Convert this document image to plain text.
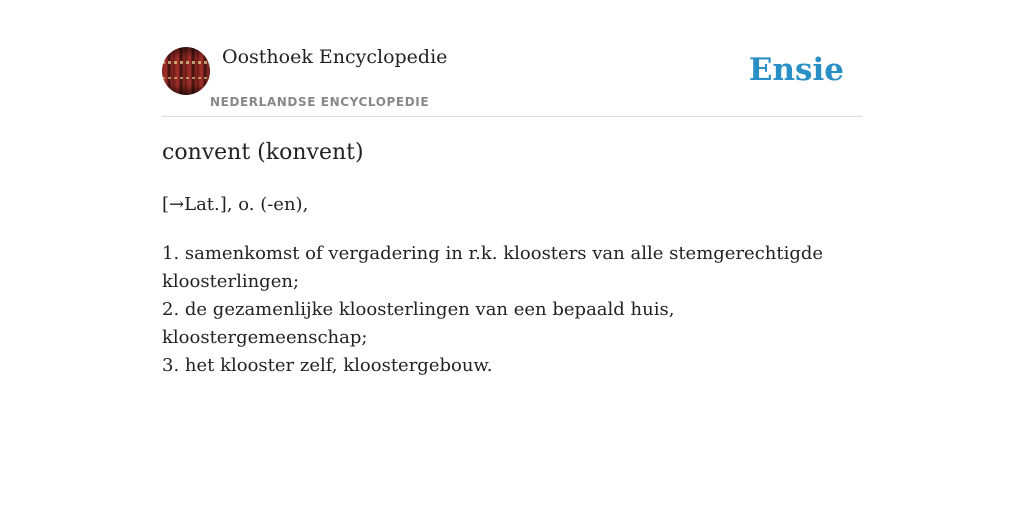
Oosthoek Encyclopedie
NEDERLANDSE ENCYCLOPEDIE
Ensie
convent (konvent)

[→Lat.], o. (-en),

1. samenkomst of vergadering in r.k. kloosters van alle stemgerechtigde kloosterlingen;
2. de gezamenlijke kloosterlingen van een bepaald huis, kloostergemeenschap;
3. het klooster zelf, kloostergebouw.
